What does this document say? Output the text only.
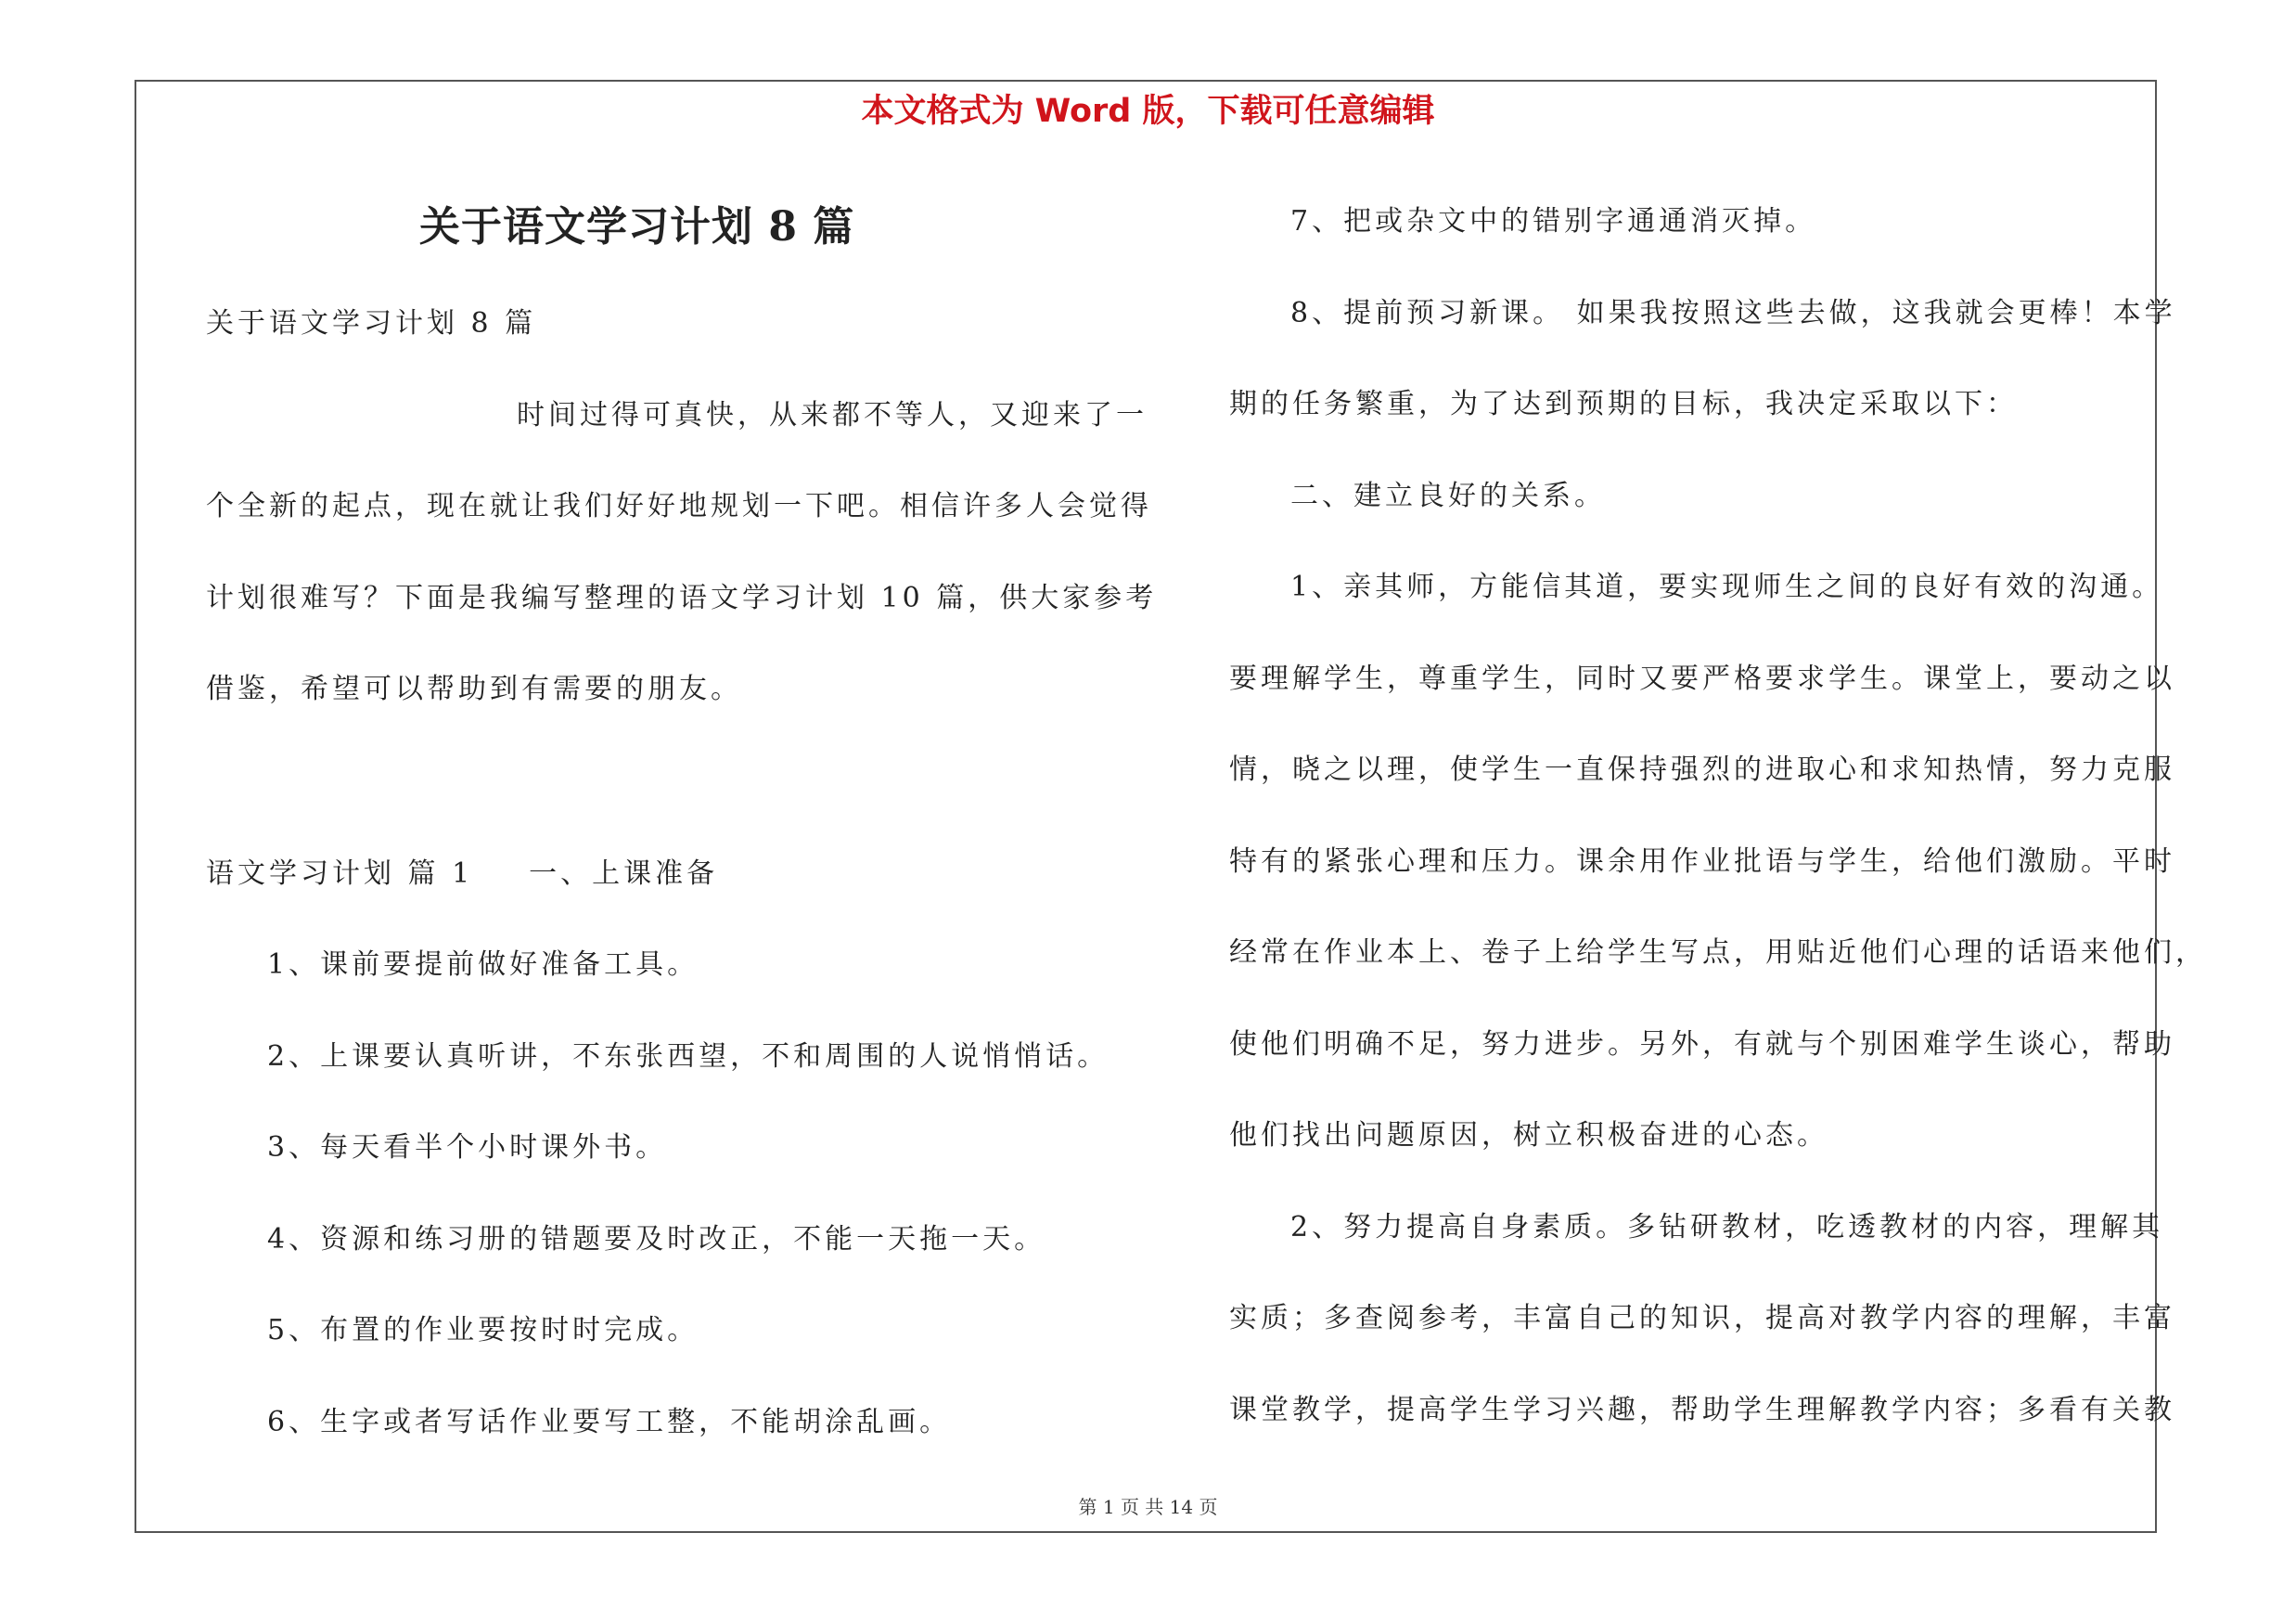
本文格式为 Word 版，下载可任意编辑
关于语文学习计划 8 篇
关于语文学习计划 8 篇
时间过得可真快，从来都不等人，又迎来了一
个全新的起点，现在就让我们好好地规划一下吧。相信许多人会觉得
计划很难写？下面是我编写整理的语文学习计划 10 篇，供大家参考
借鉴，希望可以帮助到有需要的朋友。
语文学习计划 篇 1 一、上课准备
1、课前要提前做好准备工具。
2、上课要认真听讲，不东张西望，不和周围的人说悄悄话。
3、每天看半个小时课外书。
4、资源和练习册的错题要及时改正，不能一天拖一天。
5、布置的作业要按时时完成。
6、生字或者写话作业要写工整，不能胡涂乱画。
7、把或杂文中的错别字通通消灭掉。
8、提前预习新课。 如果我按照这些去做，这我就会更棒！本学
期的任务繁重，为了达到预期的目标，我决定采取以下：
二、建立良好的关系。
1、亲其师，方能信其道，要实现师生之间的良好有效的沟通。
要理解学生，尊重学生，同时又要严格要求学生。课堂上，要动之以
情，晓之以理，使学生一直保持强烈的进取心和求知热情，努力克服
特有的紧张心理和压力。课余用作业批语与学生，给他们激励。平时
经常在作业本上、卷子上给学生写点，用贴近他们心理的话语来他们，
使他们明确不足，努力进步。另外，有就与个别困难学生谈心，帮助
他们找出问题原因，树立积极奋进的心态。
2、努力提高自身素质。多钻研教材，吃透教材的内容，理解其
实质；多查阅参考，丰富自己的知识，提高对教学内容的理解，丰富
课堂教学，提高学生学习兴趣，帮助学生理解教学内容；多看有关教
第 1 页 共 14 页
